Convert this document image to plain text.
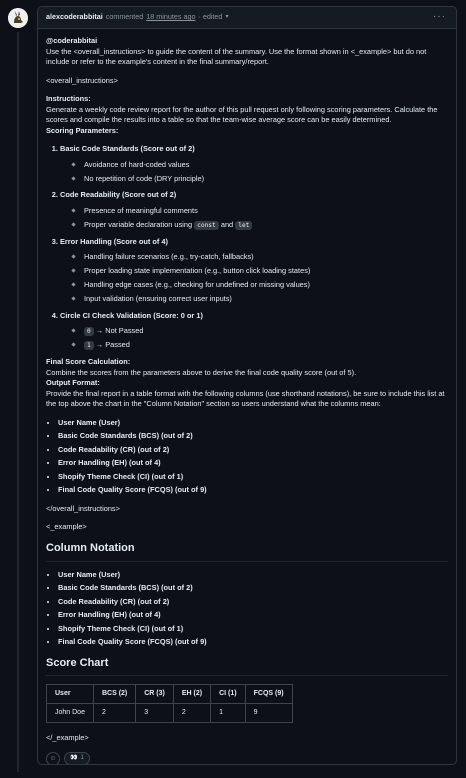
alexcoderabbitai commented 18 minutes ago · edited ▾	···
@coderabbitai

Use the <overall_instructions> to guide the content of the summary. Use the format shown in <_example> but do not include or refer to the example's content in the final summary/report.

<overall_instructions>

Instructions:
Generate a weekly code review report for the author of this pull request only following scoring parameters. Calculate the scores and compile the results into a table so that the team-wise average score can be easily determined.
Scoring Parameters:
1. Basic Code Standards (Score out of 2)
Avoidance of hard-coded values
No repetition of code (DRY principle)
2. Code Readability (Score out of 2)
Presence of meaningful comments
Proper variable declaration using const and let
3. Error Handling (Score out of 4)
Handling failure scenarios (e.g., try-catch, fallbacks)
Proper loading state implementation (e.g., button click loading states)
Handling edge cases (e.g., checking for undefined or missing values)
Input validation (ensuring correct user inputs)
4. Circle CI Check Validation (Score: 0 or 1)
0 → Not Passed
1 → Passed
Final Score Calculation:
Combine the scores from the parameters above to derive the final code quality score (out of 5).
Output Format:

Provide the final report in a table format with the following columns (use shorthand notations), be sure to include this list at the top above the chart in the "Column Notation" section so users understand what the columns mean:

• User Name (User)
• Basic Code Standards (BCS) (out of 2)
• Code Readability (CR) (out of 2)
• Error Handling (EH) (out of 4)
• Shopify Theme Check (CI) (out of 1)
• Final Code Quality Score (FCQS) (out of 9)

</overall_instructions>

<_example>

Column Notation
• User Name (User)
• Basic Code Standards (BCS) (out of 2)
• Code Readability (CR) (out of 2)
• Error Handling (EH) (out of 4)
• Shopify Theme Check (CI) (out of 1)
• Final Code Quality Score (FCQS) (out of 9)
Score Chart
User	BCS (2)	CR (3)	EH (2)	CI (1)	FCQS (9)
John Doe	2	3	2	1	9

</_example>

☺ 👀 1
